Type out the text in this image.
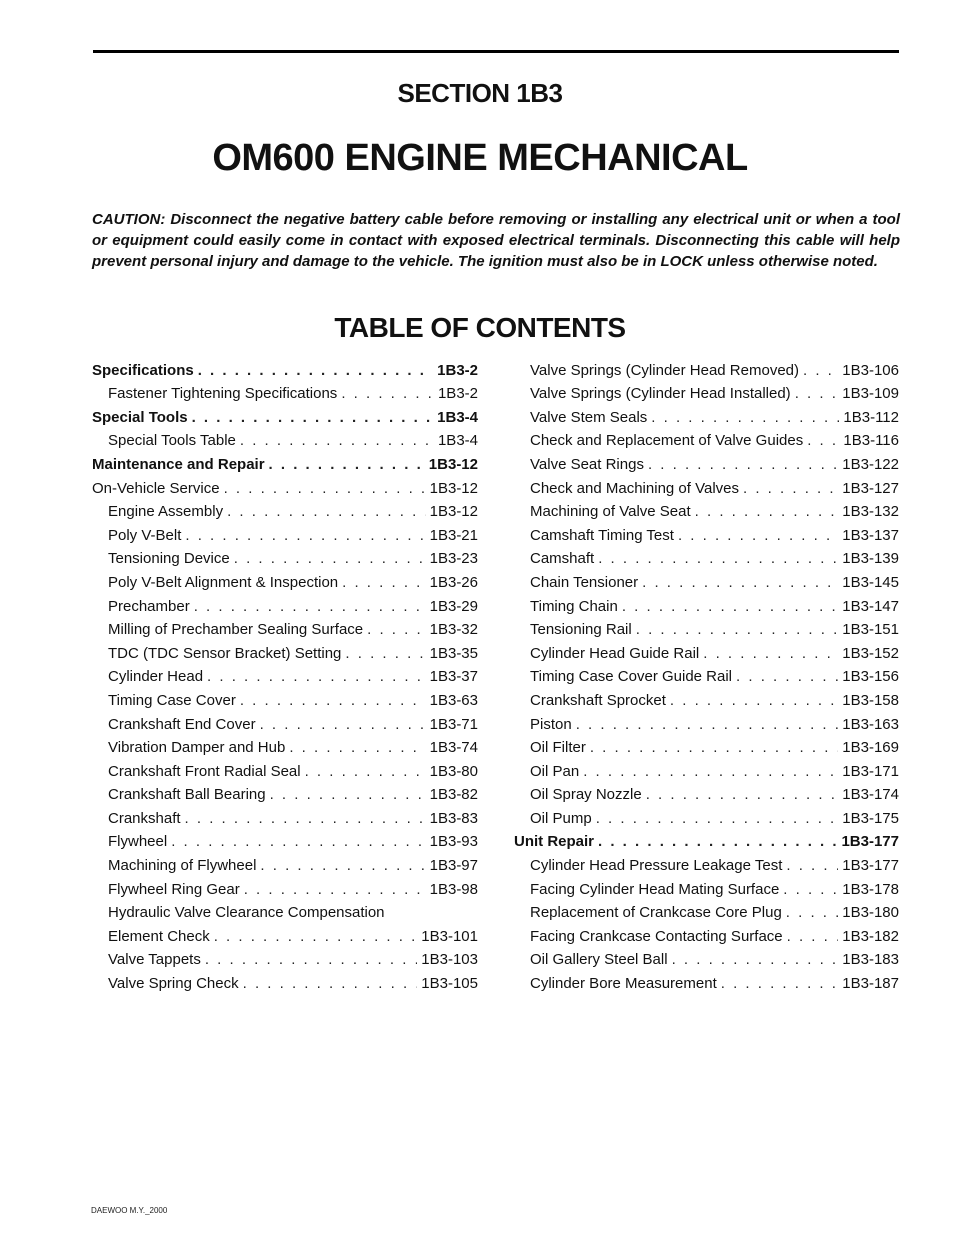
SECTION 1B3
OM600 ENGINE MECHANICAL
CAUTION: Disconnect the negative battery cable before removing or installing any electrical unit or when a tool or equipment could easily come in contact with exposed electrical terminals. Disconnecting this cable will help prevent personal injury and damage to the vehicle. The ignition must also be in LOCK unless otherwise noted.
TABLE OF CONTENTS
Specifications . . .	1B3-2
Fastener Tightening Specifications . . .	1B3-2
Special Tools . . .	1B3-4
Special Tools Table . . .	1B3-4
Maintenance and Repair . . .	1B3-12
On-Vehicle Service . . .	1B3-12
Engine Assembly . . .	1B3-12
Poly V-Belt . . .	1B3-21
Tensioning Device . . .	1B3-23
Poly V-Belt Alignment & Inspection . . .	1B3-26
Prechamber . . .	1B3-29
Milling of Prechamber Sealing Surface . . .	1B3-32
TDC (TDC Sensor Bracket) Setting . . .	1B3-35
Cylinder Head . . .	1B3-37
Timing Case Cover . . .	1B3-63
Crankshaft End Cover . . .	1B3-71
Vibration Damper and Hub . . .	1B3-74
Crankshaft Front Radial Seal . . .	1B3-80
Crankshaft Ball Bearing . . .	1B3-82
Crankshaft . . .	1B3-83
Flywheel . . .	1B3-93
Machining of Flywheel . . .	1B3-97
Flywheel Ring Gear . . .	1B3-98
Hydraulic Valve Clearance Compensation
Element Check . . .	1B3-101
Valve Tappets . . .	1B3-103
Valve Spring Check . . .	1B3-105
Valve Springs (Cylinder Head Removed) . . .	1B3-106
Valve Springs (Cylinder Head Installed) . . .	1B3-109
Valve Stem Seals . . .	1B3-112
Check and Replacement of Valve Guides . . .	1B3-116
Valve Seat Rings . . .	1B3-122
Check and Machining of Valves . . .	1B3-127
Machining of Valve Seat . . .	1B3-132
Camshaft Timing Test . . .	1B3-137
Camshaft . . .	1B3-139
Chain Tensioner . . .	1B3-145
Timing Chain . . .	1B3-147
Tensioning Rail . . .	1B3-151
Cylinder Head Guide Rail . . .	1B3-152
Timing Case Cover Guide Rail . . .	1B3-156
Crankshaft Sprocket . . .	1B3-158
Piston . . .	1B3-163
Oil Filter . . .	1B3-169
Oil Pan . . .	1B3-171
Oil Spray Nozzle . . .	1B3-174
Oil Pump . . .	1B3-175
Unit Repair . . .	1B3-177
Cylinder Head Pressure Leakage Test . . .	1B3-177
Facing Cylinder Head Mating Surface . . .	1B3-178
Replacement of Crankcase Core Plug . . .	1B3-180
Facing Crankcase Contacting Surface . . .	1B3-182
Oil Gallery Steel Ball . . .	1B3-183
Cylinder Bore Measurement . . .	1B3-187
DAEWOO M.Y._2000
